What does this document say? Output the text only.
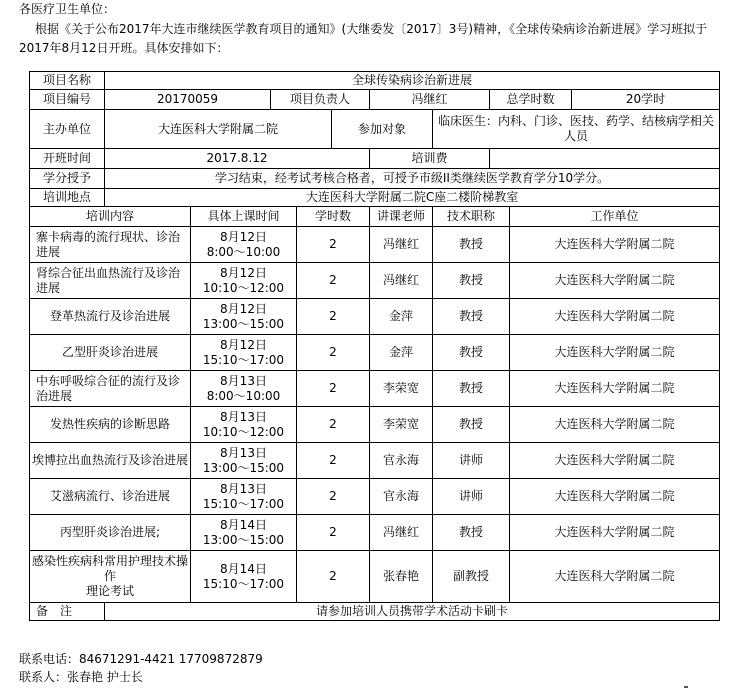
各医疗卫生单位：

根据《关于公布2017年大连市继续医学教育项目的通知》(大继委发〔2017〕3号)精神，《全球传染病诊治新进展》学习班拟于

2017年8月12日开班。具体安排如下：

项目名称	全球传染病诊治新进展									
项目编号	20170059		项目负责人			冯继红		总学时数		20学时
主办单位	大连医科大学附属二院				参加对象		临床医生：内科、门诊、医技、药学、结核病学相关人员			
开班时间	2017.8.12					培训费				
学分授予	学习结束，经考试考核合格者，可授予市级II类继续医学教育学分10学分。									
培训地点	大连医科大学附属二院C座二楼阶梯教室									
培训内容		具体上课时间		学时数		讲课老师	技术职称		工作单位	
寨卡病毒的流行现状、诊治进展		8月12日
8:00～10:00		2		冯继红	教授		大连医科大学附属二院	
肾综合征出血热流行及诊治进展		8月12日
10:10～12:00		2		冯继红	教授		大连医科大学附属二院	
登革热流行及诊治进展		8月12日
13:00～15:00		2		金萍	教授		大连医科大学附属二院	
乙型肝炎诊治进展		8月12日
15:10～17:00		2		金萍	教授		大连医科大学附属二院	
中东呼吸综合征的流行及诊治进展		8月13日
8:00～10:00		2		李荣宽	教授		大连医科大学附属二院	
发热性疾病的诊断思路		8月13日
10:10～12:00		2		李荣宽	教授		大连医科大学附属二院	
埃博拉出血热流行及诊治进展		8月13日
13:00～15:00		2		官永海	讲师		大连医科大学附属二院	
艾滋病流行、诊治进展		8月13日
15:10～17:00		2		官永海	讲师		大连医科大学附属二院	
丙型肝炎诊治进展;		8月14日
13:00～15:00		2		冯继红	教授		大连医科大学附属二院	
感染性疾病科常用护理技术操作
理论考试		8月14日
15:10～17:00		2		张春艳	副教授		大连医科大学附属二院	
备　注	请参加培训人员携带学术活动卡刷卡									

联系电话：84671291-4421 17709872879

联系人：张春艳 护士长
